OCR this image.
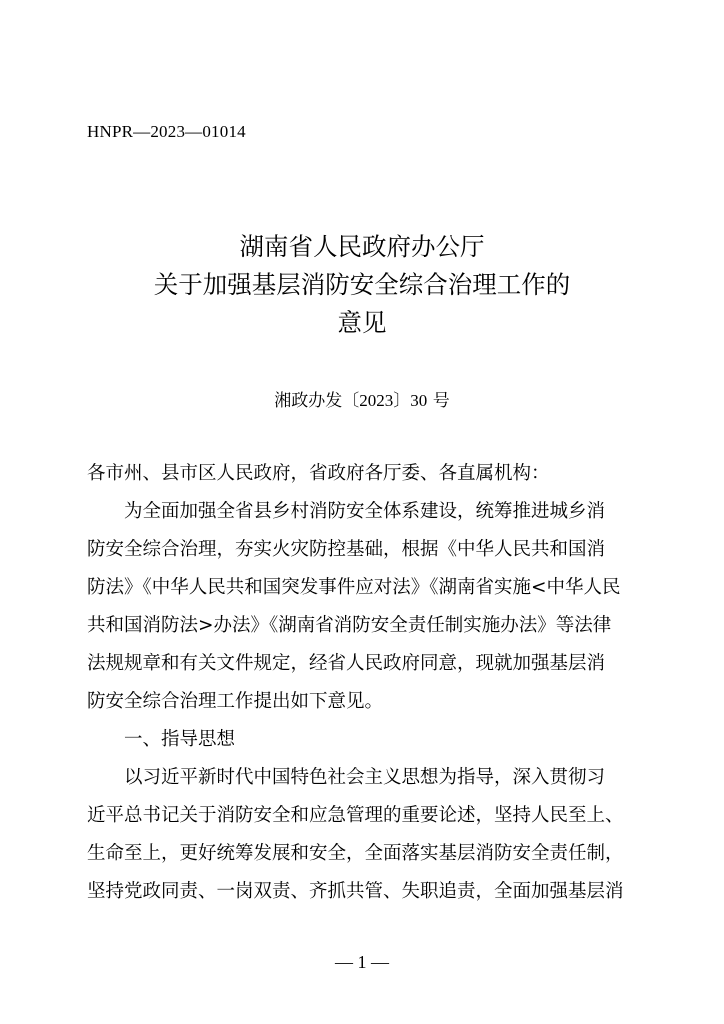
HNPR—2023—01014
湖南省人民政府办公厅
关于加强基层消防安全综合治理工作的
意见
湘政办发〔2023〕30 号
各市州、县市区人民政府，省政府各厅委、各直属机构：
为全面加强全省县乡村消防安全体系建设，统筹推进城乡消
防安全综合治理，夯实火灾防控基础，根据《中华人民共和国消
防法》《中华人民共和国突发事件应对法》《湖南省实施<中华人民
共和国消防法>办法》《湖南省消防安全责任制实施办法》等法律
法规规章和有关文件规定，经省人民政府同意，现就加强基层消
防安全综合治理工作提出如下意见。
一、指导思想
以习近平新时代中国特色社会主义思想为指导，深入贯彻习
近平总书记关于消防安全和应急管理的重要论述，坚持人民至上、
生命至上，更好统筹发展和安全，全面落实基层消防安全责任制，
坚持党政同责、一岗双责、齐抓共管、失职追责，全面加强基层消
— 1 —
